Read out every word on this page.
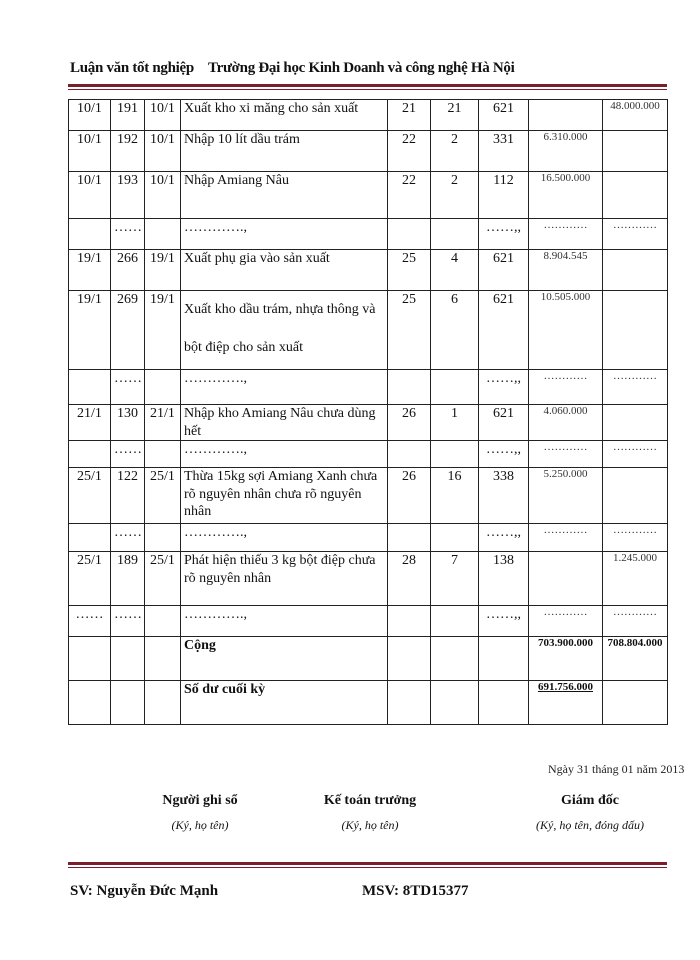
Luận văn tốt nghiệp Trường Đại học Kinh Doanh và công nghệ Hà Nội
10/1	191	10/1	Xuất kho xi măng cho sản xuất	21	21	621		48.000.000
10/1	192	10/1	Nhập 10 lít dầu trám	22	2	331	6.310.000	
10/1	193	10/1	Nhập Amiang Nâu	22	2	112	16.500.000	
	……		………….,			……,,	…………	…………
19/1	266	19/1	Xuất phụ gia vào sản xuất	25	4	621	8.904.545	
19/1	269	19/1	Xuất kho dầu trám, nhựa thông và bột điệp cho sản xuất	25	6	621	10.505.000	
	……		………….,			……,,	…………	…………
21/1	130	21/1	Nhập kho Amiang Nâu chưa dùng hết	26	1	621	4.060.000	
	……		………….,			……,,	…………	…………
25/1	122	25/1	Thừa 15kg sợi Amiang Xanh chưa rõ nguyên nhân chưa rõ nguyên nhân	26	16	338	5.250.000	
	……		………….,			……,,	…………	…………
25/1	189	25/1	Phát hiện thiếu 3 kg bột điệp chưa rõ nguyên nhân	28	7	138		1.245.000
……	……		………….,			……,,	…………	…………
			Cộng				703.900.000	708.804.000
			Số dư cuối kỳ				691.756.000	
Ngày 31 tháng 01 năm 2013
Người ghi sổ
(Ký, họ tên)
Kế toán trưởng
(Ký, họ tên)
Giám đốc
(Ký, họ tên, đóng dấu)
SV: Nguyễn Đức Mạnh	MSV: 8TD15377
